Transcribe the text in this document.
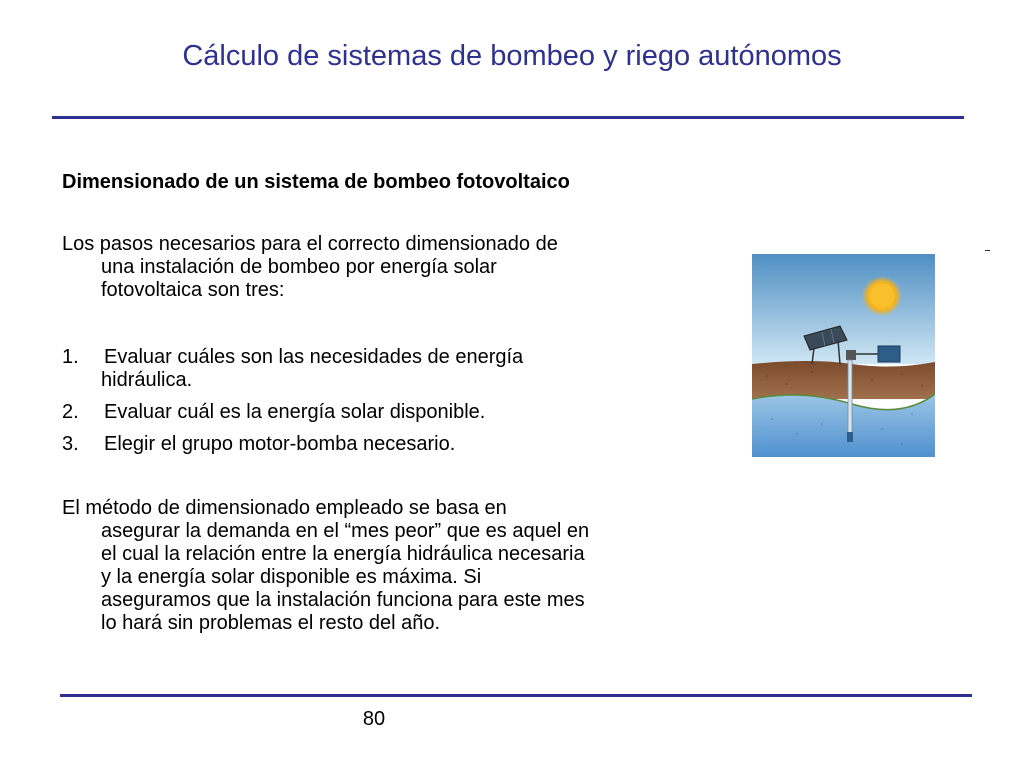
Cálculo de sistemas de bombeo y riego autónomos
Dimensionado de un sistema de bombeo fotovoltaico
Los pasos necesarios para el correcto dimensionado de
una instalación de bombeo por energía solar
fotovoltaica son tres:
1. Evaluar cuáles son las necesidades de energía
hidráulica.
2. Evaluar cuál es la energía solar disponible.
3. Elegir el grupo motor-bomba necesario.
El método de dimensionado empleado se basa en
asegurar la demanda en el “mes peor” que es aquel en
el cual la relación entre la energía hidráulica necesaria
y la energía solar disponible es máxima. Si
aseguramos que la instalación funciona para este mes
lo hará sin problemas el resto del año.
80
